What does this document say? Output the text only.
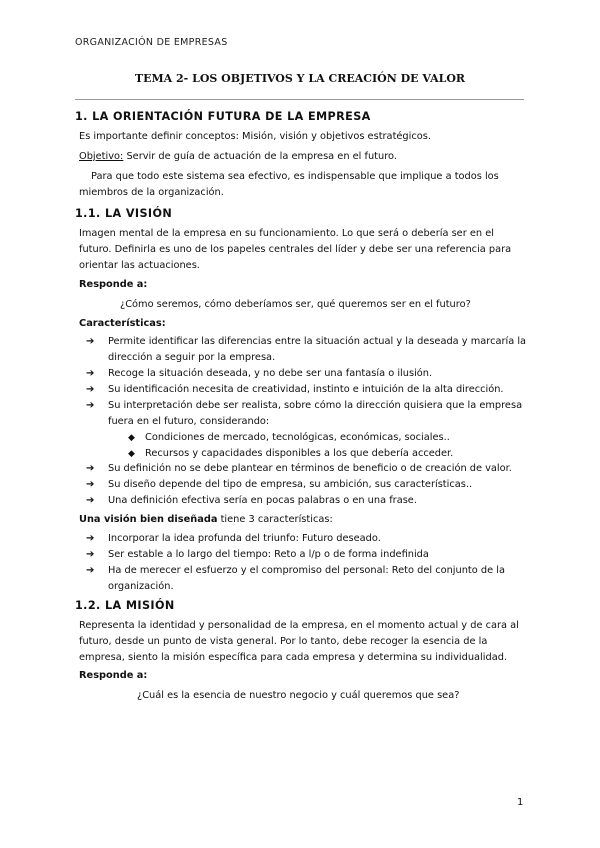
ORGANIZACIÓN DE EMPRESAS
TEMA 2- LOS OBJETIVOS Y LA CREACIÓN DE VALOR
1. LA ORIENTACIÓN FUTURA DE LA EMPRESA
Es importante definir conceptos: Misión, visión y objetivos estratégicos.
Objetivo: Servir de guía de actuación de la empresa en el futuro.
Para que todo este sistema sea efectivo, es indispensable que implique a todos los miembros de la organización.
1.1. LA VISIÓN
Imagen mental de la empresa en su funcionamiento. Lo que será o debería ser en el futuro. Definirla es uno de los papeles centrales del líder y debe ser una referencia para orientar las actuaciones.
Responde a:
¿Cómo seremos, cómo deberíamos ser, qué queremos ser en el futuro?
Características:
➔	Permite identificar las diferencias entre la situación actual y la deseada y marcaría la dirección a seguir por la empresa.
➔	Recoge la situación deseada, y no debe ser una fantasía o ilusión.
➔	Su identificación necesita de creatividad, instinto e intuición de la alta dirección.
➔	Su interpretación debe ser realista, sobre cómo la dirección quisiera que la empresa fuera en el futuro, considerando:
◆	Condiciones de mercado, tecnológicas, económicas, sociales..
◆	Recursos y capacidades disponibles a los que debería acceder.
➔	Su definición no se debe plantear en términos de beneficio o de creación de valor.
➔	Su diseño depende del tipo de empresa, su ambición, sus características..
➔	Una definición efectiva sería en pocas palabras o en una frase.
Una visión bien diseñada tiene 3 características:
➔	Incorporar la idea profunda del triunfo: Futuro deseado.
➔	Ser estable a lo largo del tiempo: Reto a l/p o de forma indefinida
➔	Ha de merecer el esfuerzo y el compromiso del personal: Reto del conjunto de la organización.
1.2. LA MISIÓN
Representa la identidad y personalidad de la empresa, en el momento actual y de cara al futuro, desde un punto de vista general. Por lo tanto, debe recoger la esencia de la empresa, siento la misión específica para cada empresa y determina su individualidad.
Responde a:
¿Cuál es la esencia de nuestro negocio y cuál queremos que sea?
1
